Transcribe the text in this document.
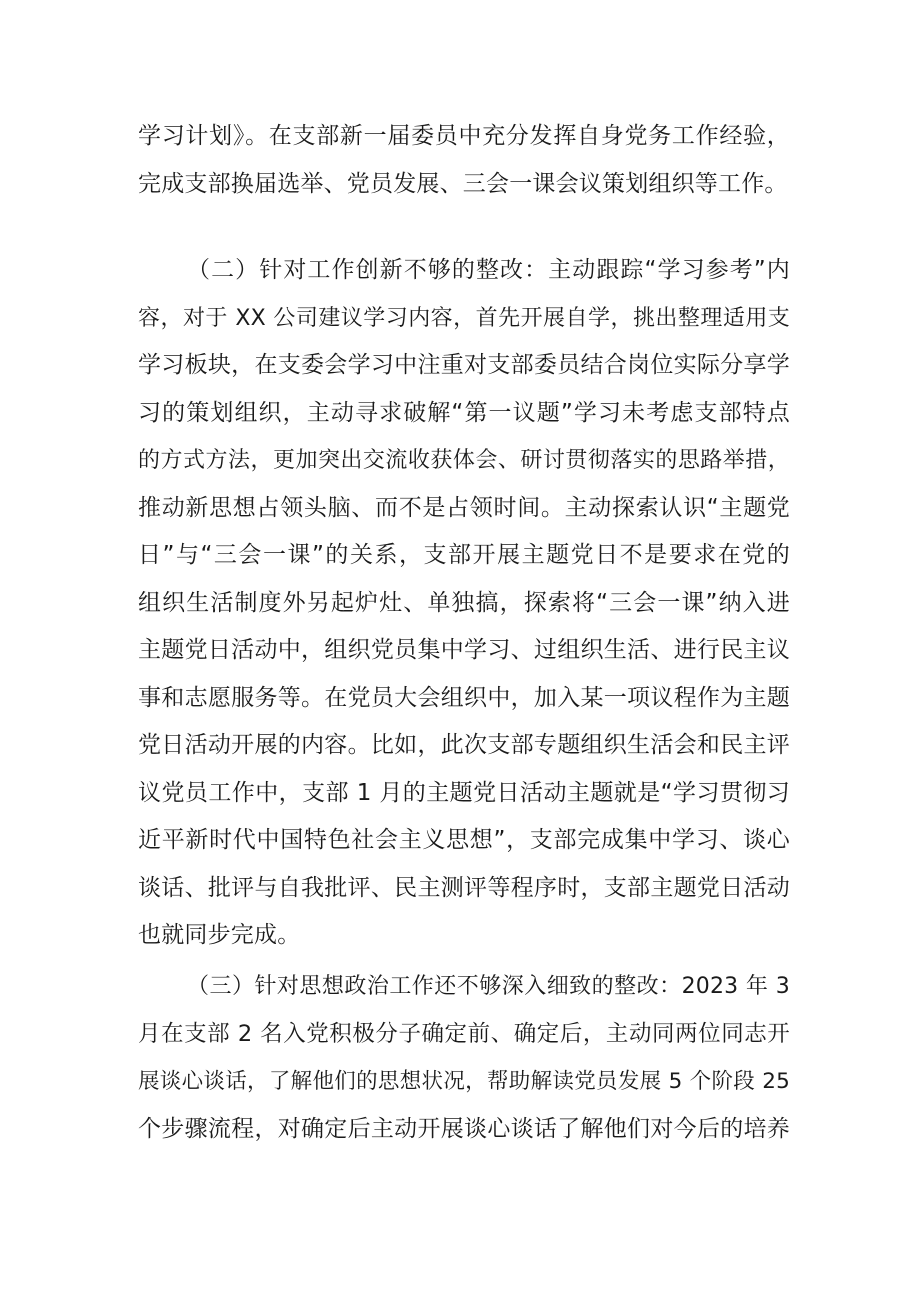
学习计划》。在支部新一届委员中充分发挥自身党务工作经验，
完成支部换届选举、党员发展、三会一课会议策划组织等工作。
（二）针对工作创新不够的整改：主动跟踪“学习参考”内
容，对于 XX 公司建议学习内容，首先开展自学，挑出整理适用支
学习板块，在支委会学习中注重对支部委员结合岗位实际分享学
习的策划组织，主动寻求破解“第一议题”学习未考虑支部特点
的方式方法，更加突出交流收获体会、研讨贯彻落实的思路举措，
推动新思想占领头脑、而不是占领时间。主动探索认识“主题党
日”与“三会一课”的关系，支部开展主题党日不是要求在党的
组织生活制度外另起炉灶、单独搞，探索将“三会一课”纳入进
主题党日活动中，组织党员集中学习、过组织生活、进行民主议
事和志愿服务等。在党员大会组织中，加入某一项议程作为主题
党日活动开展的内容。比如，此次支部专题组织生活会和民主评
议党员工作中，支部 1 月的主题党日活动主题就是“学习贯彻习
近平新时代中国特色社会主义思想”，支部完成集中学习、谈心
谈话、批评与自我批评、民主测评等程序时，支部主题党日活动
也就同步完成。
（三）针对思想政治工作还不够深入细致的整改：2023 年 3
月在支部 2 名入党积极分子确定前、确定后，主动同两位同志开
展谈心谈话，了解他们的思想状况，帮助解读党员发展 5 个阶段 25
个步骤流程，对确定后主动开展谈心谈话了解他们对今后的培养
